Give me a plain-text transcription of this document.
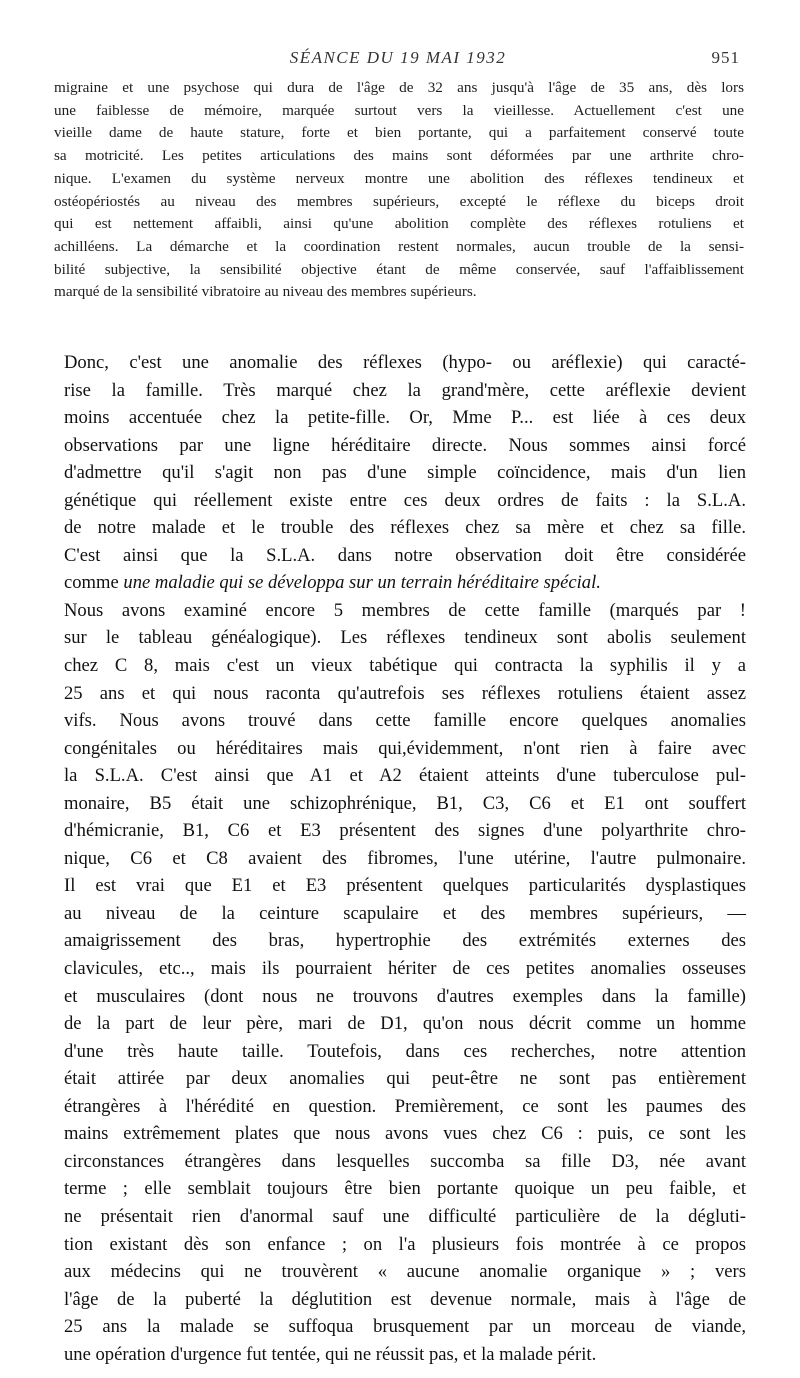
SÉANCE DU 19 MAI 1932	951

migraine et une psychose qui dura de l'âge de 32 ans jusqu'à l'âge de 35 ans, dès lors
une faiblesse de mémoire, marquée surtout vers la vieillesse. Actuellement c'est une
vieille dame de haute stature, forte et bien portante, qui a parfaitement conservé toute
sa motricité. Les petites articulations des mains sont déformées par une arthrite chro-
nique. L'examen du système nerveux montre une abolition des réflexes tendineux et
ostéopériostés au niveau des membres supérieurs, excepté le réflexe du biceps droit
qui est nettement affaibli, ainsi qu'une abolition complète des réflexes rotuliens et
achilléens. La démarche et la coordination restent normales, aucun trouble de la sensi-
bilité subjective, la sensibilité objective étant de même conservée, sauf l'affaiblissement
marqué de la sensibilité vibratoire au niveau des membres supérieurs.

Donc, c'est une anomalie des réflexes (hypo- ou aréflexie) qui caracté-
rise la famille. Très marqué chez la grand'mère, cette aréflexie devient
moins accentuée chez la petite-fille. Or, Mme P... est liée à ces deux
observations par une ligne héréditaire directe. Nous sommes ainsi forcé
d'admettre qu'il s'agit non pas d'une simple coïncidence, mais d'un lien
génétique qui réellement existe entre ces deux ordres de faits : la S.L.A.
de notre malade et le trouble des réflexes chez sa mère et chez sa fille.
C'est ainsi que la S.L.A. dans notre observation doit être considérée
comme une maladie qui se développa sur un terrain héréditaire spécial.

Nous avons examiné encore 5 membres de cette famille (marqués par !
sur le tableau généalogique). Les réflexes tendineux sont abolis seulement
chez C 8, mais c'est un vieux tabétique qui contracta la syphilis il y a
25 ans et qui nous raconta qu'autrefois ses réflexes rotuliens étaient assez
vifs. Nous avons trouvé dans cette famille encore quelques anomalies
congénitales ou héréditaires mais qui,évidemment, n'ont rien à faire avec
la S.L.A. C'est ainsi que A1 et A2 étaient atteints d'une tuberculose pul-
monaire, B5 était une schizophrénique, B1, C3, C6 et E1 ont souffert
d'hémicranie, B1, C6 et E3 présentent des signes d'une polyarthrite chro-
nique, C6 et C8 avaient des fibromes, l'une utérine, l'autre pulmonaire.
Il est vrai que E1 et E3 présentent quelques particularités dysplastiques
au niveau de la ceinture scapulaire et des membres supérieurs, —
amaigrissement des bras, hypertrophie des extrémités externes des
clavicules, etc.., mais ils pourraient hériter de ces petites anomalies osseuses
et musculaires (dont nous ne trouvons d'autres exemples dans la famille)
de la part de leur père, mari de D1, qu'on nous décrit comme un homme
d'une très haute taille. Toutefois, dans ces recherches, notre attention
était attirée par deux anomalies qui peut-être ne sont pas entièrement
étrangères à l'hérédité en question. Premièrement, ce sont les paumes des
mains extrêmement plates que nous avons vues chez C6 : puis, ce sont les
circonstances étrangères dans lesquelles succomba sa fille D3, née avant
terme ; elle semblait toujours être bien portante quoique un peu faible, et
ne présentait rien d'anormal sauf une difficulté particulière de la dégluti-
tion existant dès son enfance ; on l'a plusieurs fois montrée à ce propos
aux médecins qui ne trouvèrent « aucune anomalie organique » ; vers
l'âge de la puberté la déglutition est devenue normale, mais à l'âge de
25 ans la malade se suffoqua brusquement par un morceau de viande,
une opération d'urgence fut tentée, qui ne réussit pas, et la malade périt.
